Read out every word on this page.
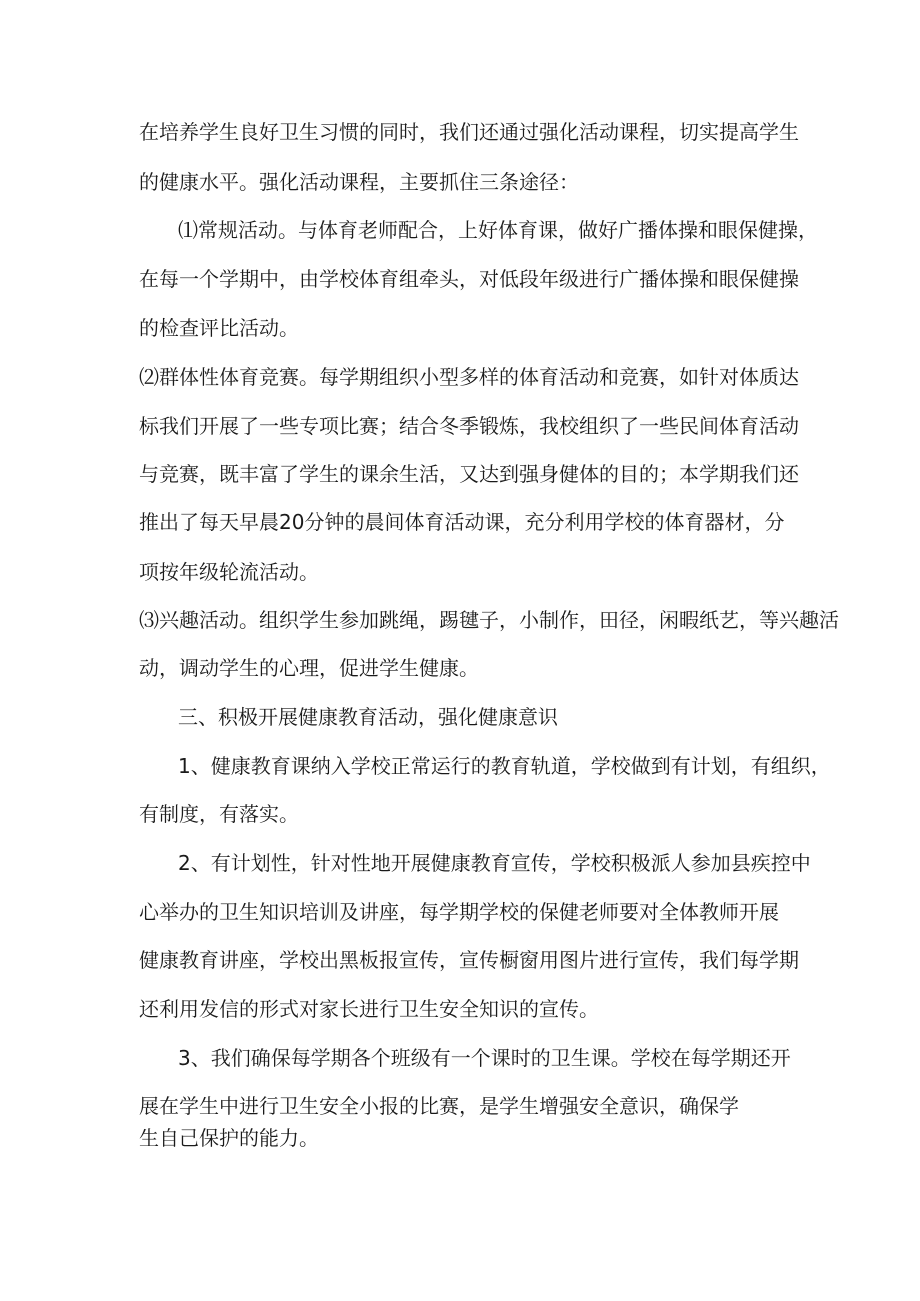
在培养学生良好卫生习惯的同时，我们还通过强化活动课程，切实提高学生
的健康水平。强化活动课程，主要抓住三条途径：
⑴常规活动。与体育老师配合，上好体育课，做好广播体操和眼保健操，
在每一个学期中，由学校体育组牵头，对低段年级进行广播体操和眼保健操
的检查评比活动。
⑵群体性体育竞赛。每学期组织小型多样的体育活动和竞赛，如针对体质达
标我们开展了一些专项比赛；结合冬季锻炼，我校组织了一些民间体育活动
与竞赛，既丰富了学生的课余生活，又达到强身健体的目的；本学期我们还
推出了每天早晨20分钟的晨间体育活动课，充分利用学校的体育器材，分
项按年级轮流活动。
⑶兴趣活动。组织学生参加跳绳，踢毽子，小制作，田径，闲暇纸艺，等兴趣活
动，调动学生的心理，促进学生健康。
三、积极开展健康教育活动，强化健康意识
1、健康教育课纳入学校正常运行的教育轨道，学校做到有计划，有组织，
有制度，有落实。
2、有计划性，针对性地开展健康教育宣传，学校积极派人参加县疾控中
心举办的卫生知识培训及讲座，每学期学校的保健老师要对全体教师开展
健康教育讲座，学校出黑板报宣传，宣传橱窗用图片进行宣传，我们每学期
还利用发信的形式对家长进行卫生安全知识的宣传。
3、我们确保每学期各个班级有一个课时的卫生课。学校在每学期还开
展在学生中进行卫生安全小报的比赛，是学生增强安全意识，确保学
生自己保护的能力。
